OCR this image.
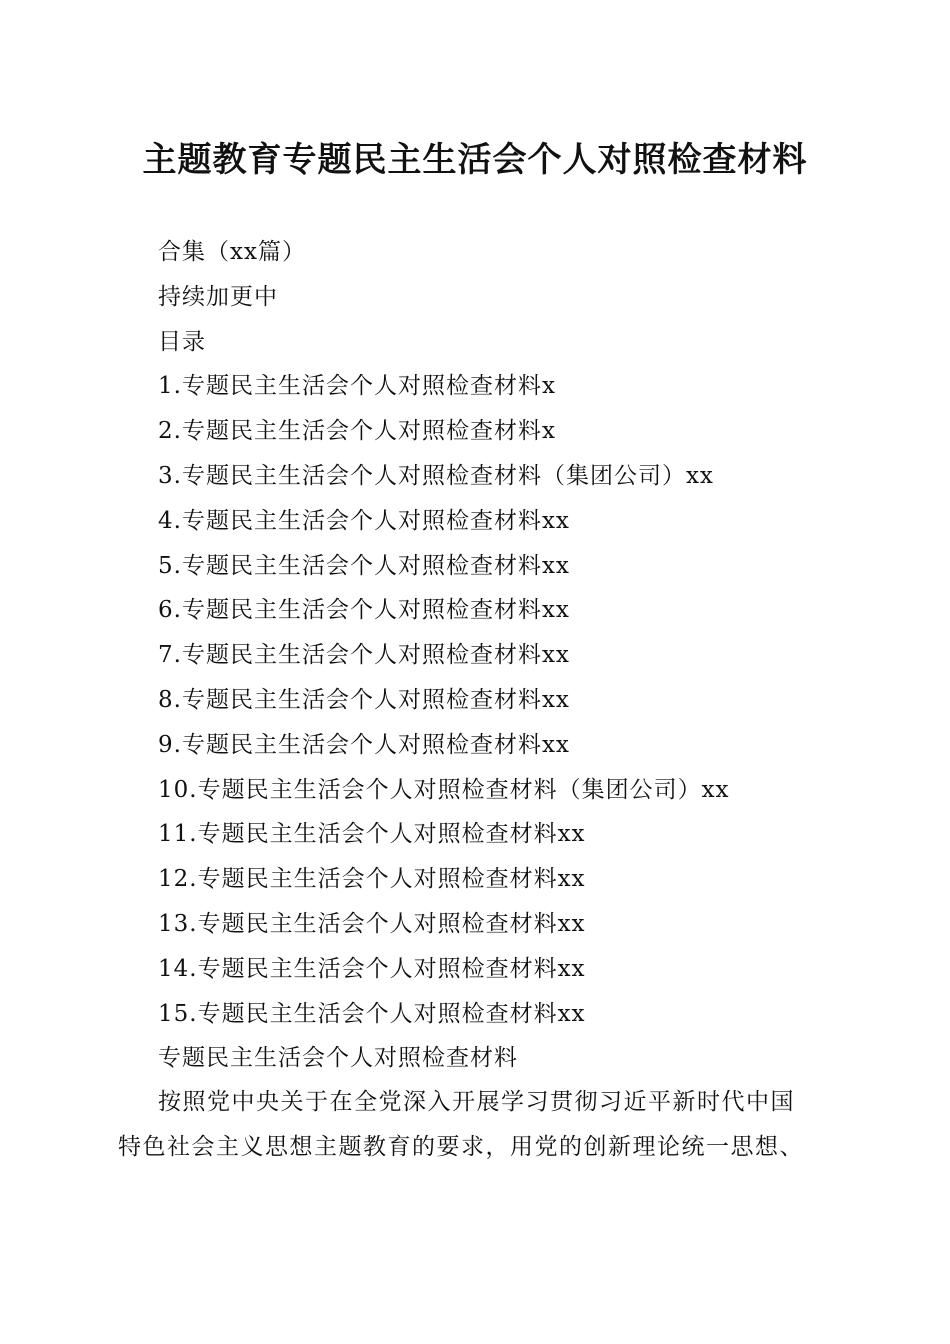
主题教育专题民主生活会个人对照检查材料
合集（xx篇）
持续加更中
目录
1.专题民主生活会个人对照检查材料x
2.专题民主生活会个人对照检查材料x
3.专题民主生活会个人对照检查材料（集团公司）xx
4.专题民主生活会个人对照检查材料xx
5.专题民主生活会个人对照检查材料xx
6.专题民主生活会个人对照检查材料xx
7.专题民主生活会个人对照检查材料xx
8.专题民主生活会个人对照检查材料xx
9.专题民主生活会个人对照检查材料xx
10.专题民主生活会个人对照检查材料（集团公司）xx
11.专题民主生活会个人对照检查材料xx
12.专题民主生活会个人对照检查材料xx
13.专题民主生活会个人对照检查材料xx
14.专题民主生活会个人对照检查材料xx
15.专题民主生活会个人对照检查材料xx
专题民主生活会个人对照检查材料
按照党中央关于在全党深入开展学习贯彻习近平新时代中国
特色社会主义思想主题教育的要求，用党的创新理论统一思想、
